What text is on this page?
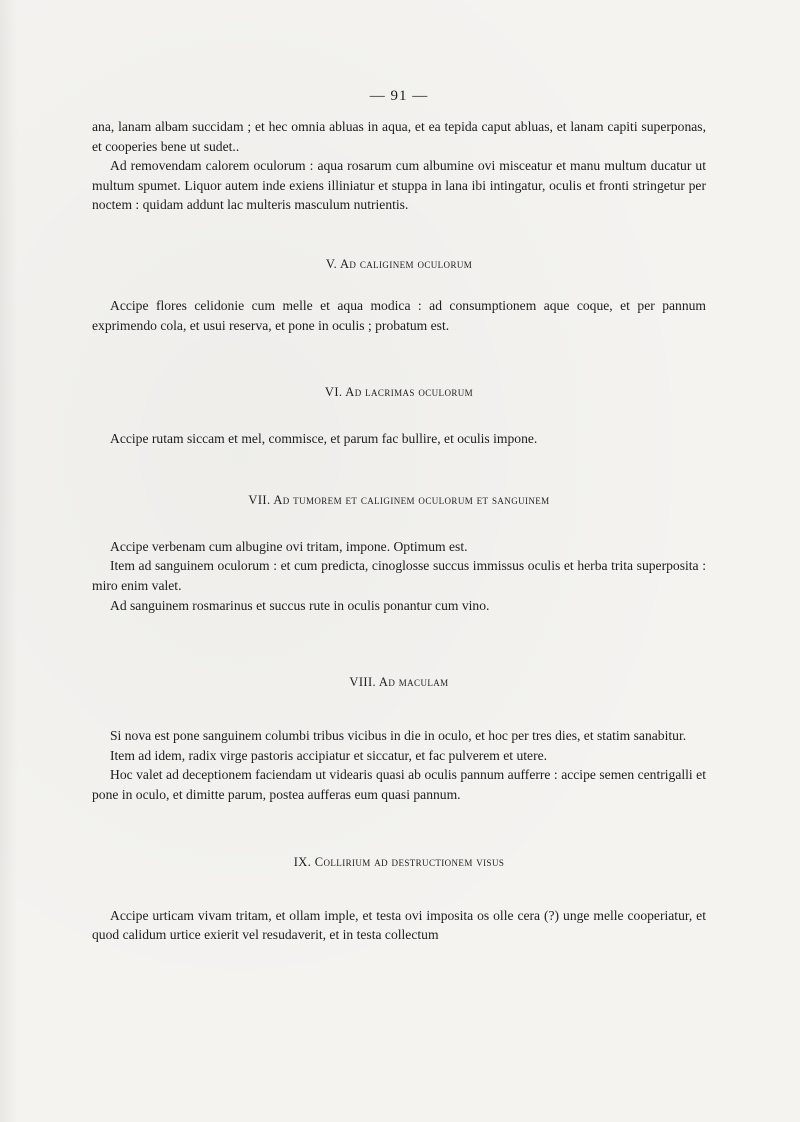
— 91 —

ana, lanam albam succidam ; et hec omnia abluas in aqua, et ea tepida caput abluas, et lanam capiti superponas, et cooperies bene ut sudet..

Ad removendam calorem oculorum : aqua rosarum cum albumine ovi misceatur et manu multum ducatur ut multum spumet. Liquor autem inde exiens illiniatur et stuppa in lana ibi intingatur, oculis et fronti stringetur per noctem : quidam addunt lac multeris masculum nutrientis.

V. Ad caliginem oculorum

Accipe flores celidonie cum melle et aqua modica : ad consumptionem aque coque, et per pannum exprimendo cola, et usui reserva, et pone in oculis ; probatum est.

VI. Ad lacrimas oculorum

Accipe rutam siccam et mel, commisce, et parum fac bullire, et oculis impone.

VII. Ad tumorem et caliginem oculorum et sanguinem

Accipe verbenam cum albugine ovi tritam, impone. Optimum est.

Item ad sanguinem oculorum : et cum predicta, cinoglosse succus immissus oculis et herba trita superposita : miro enim valet.

Ad sanguinem rosmarinus et succus rute in oculis ponantur cum vino.

VIII. Ad maculam

Si nova est pone sanguinem columbi tribus vicibus in die in oculo, et hoc per tres dies, et statim sanabitur.

Item ad idem, radix virge pastoris accipiatur et siccatur, et fac pulverem et utere.

Hoc valet ad deceptionem faciendam ut videaris quasi ab oculis pannum aufferre : accipe semen centrigalli et pone in oculo, et dimitte parum, postea aufferas eum quasi pannum.

IX. Collirium ad destructionem visus

Accipe urticam vivam tritam, et ollam imple, et testa ovi imposita os olle cera (?) unge melle cooperiatur, et quod calidum urtice exierit vel resudaverit, et in testa collectum
